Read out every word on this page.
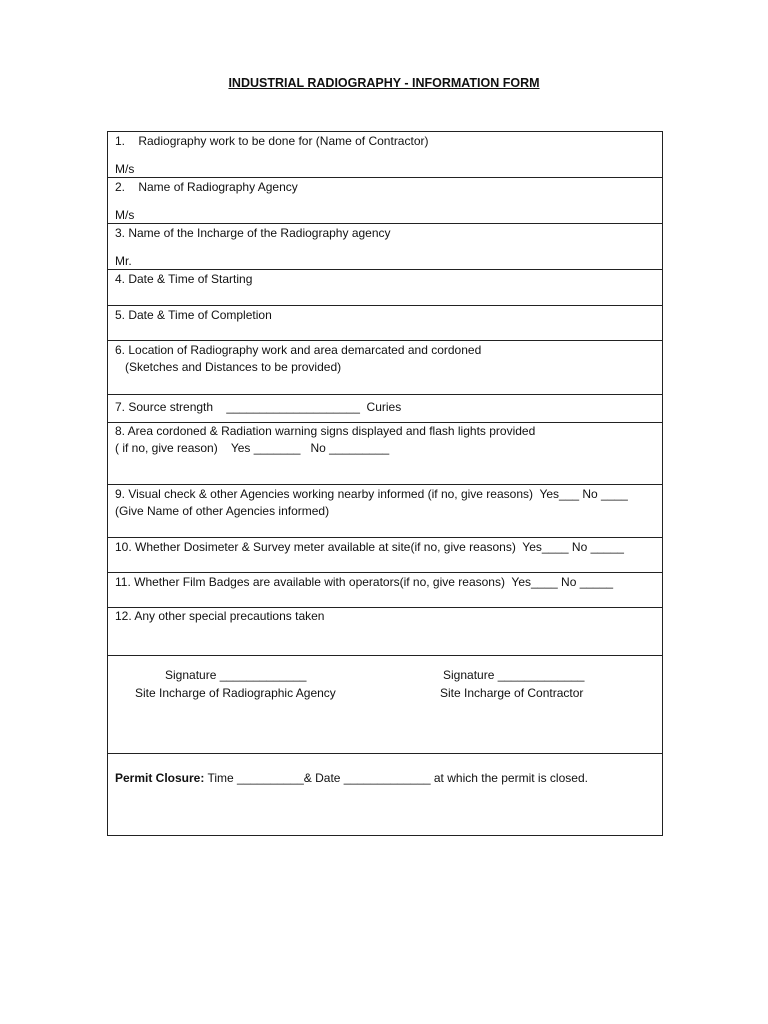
INDUSTRIAL RADIOGRAPHY - INFORMATION FORM
1.    Radiography work to be done for (Name of Contractor)
M/s
2.    Name of Radiography Agency
M/s
3. Name of the Incharge of the Radiography agency
Mr.
4. Date & Time of Starting
5. Date & Time of Completion
6. Location of Radiography work and area demarcated and cordoned
(Sketches and Distances to be provided)
7. Source strength    ____________________  Curies
8. Area cordoned & Radiation warning signs displayed and flash lights provided
( if no, give reason)    Yes _______   No _________
9. Visual check & other Agencies working nearby informed (if no, give reasons)  Yes___ No ____
(Give Name of other Agencies informed)
10. Whether Dosimeter & Survey meter available at site(if no, give reasons)  Yes____ No _____
11. Whether Film Badges are available with operators(if no, give reasons)  Yes____ No _____
12. Any other special precautions taken
Signature _____________
Site Incharge of Radiographic Agency
Signature _____________
Site Incharge of Contractor
Permit Closure: Time __________& Date _____________ at which the permit is closed.
